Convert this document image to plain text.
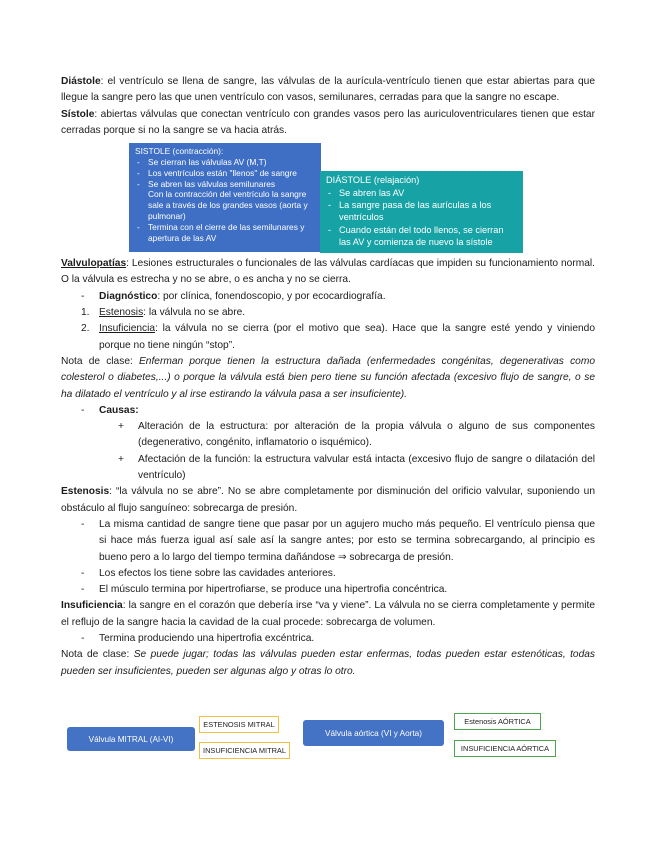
Diástole: el ventrículo se llena de sangre, las válvulas de la aurícula-ventrículo tienen que estar abiertas para que llegue la sangre pero las que unen ventrículo con vasos, semilunares, cerradas para que la sangre no escape.

Sístole: abiertas válvulas que conectan ventrículo con grandes vasos pero las auriculoventriculares tienen que estar cerradas porque si no la sangre se va hacia atrás.

SISTOLE (contracción):
- Se cierran las válvulas AV (M,T)
- Los ventrículos están "llenos" de sangre
- Se abren las válvulas semilunares
Con la contracción del ventrículo la sangre sale a través de los grandes vasos (aorta y pulmonar)
- Termina con el cierre de las semilunares y apertura de las AV
DIÁSTOLE (relajación)
- Se abren las AV
- La sangre pasa de las aurículas a los ventrículos
- Cuando están del todo llenos, se cierran las AV y comienza de nuevo la sístole

Valvulopatías: Lesiones estructurales o funcionales de las válvulas cardíacas que impiden su funcionamiento normal. O la válvula es estrecha y no se abre, o es ancha y no se cierra.

- Diagnóstico: por clínica, fonendoscopio, y por ecocardiografía.
1. Estenosis: la válvula no se abre.
2. Insuficiencia: la válvula no se cierra (por el motivo que sea). Hace que la sangre esté yendo y viniendo porque no tiene ningún “stop”.

Nota de clase: Enferman porque tienen la estructura dañada (enfermedades congénitas, degenerativas como colesterol o diabetes,...) o porque la válvula está bien pero tiene su función afectada (excesivo flujo de sangre, o se ha dilatado el ventrículo y al irse estirando la válvula pasa a ser insuficiente).

- Causas:
+ Alteración de la estructura: por alteración de la propia válvula o alguno de sus componentes (degenerativo, congénito, inflamatorio o isquémico).
+ Afectación de la función: la estructura valvular está intacta (excesivo flujo de sangre o dilatación del ventrículo)

Estenosis: “la válvula no se abre”. No se abre completamente por disminución del orificio valvular, suponiendo un obstáculo al flujo sanguíneo: sobrecarga de presión.

- La misma cantidad de sangre tiene que pasar por un agujero mucho más pequeño. El ventrículo piensa que si hace más fuerza igual así sale así la sangre antes; por esto se termina sobrecargando, al principio es bueno pero a lo largo del tiempo termina dañándose ⇒ sobrecarga de presión.
- Los efectos los tiene sobre las cavidades anteriores.
- El músculo termina por hipertrofiarse, se produce una hipertrofia concéntrica.

Insuficiencia: la sangre en el corazón que debería irse “va y viene”. La válvula no se cierra completamente y permite el reflujo de la sangre hacia la cavidad de la cual procede: sobrecarga de volumen.

- Termina produciendo una hipertrofia excéntrica.

Nota de clase: Se puede jugar; todas las válvulas pueden estar enfermas, todas pueden estar estenóticas, todas pueden ser insuficientes, pueden ser algunas algo y otras lo otro.

Válvula MITRAL (AI-VI)
ESTENOSIS MITRAL
INSUFICIENCIA MITRAL
Válvula aórtica (VI y Aorta)
Estenosis AÓRTICA
INSUFICIENCIA AÓRTICA
